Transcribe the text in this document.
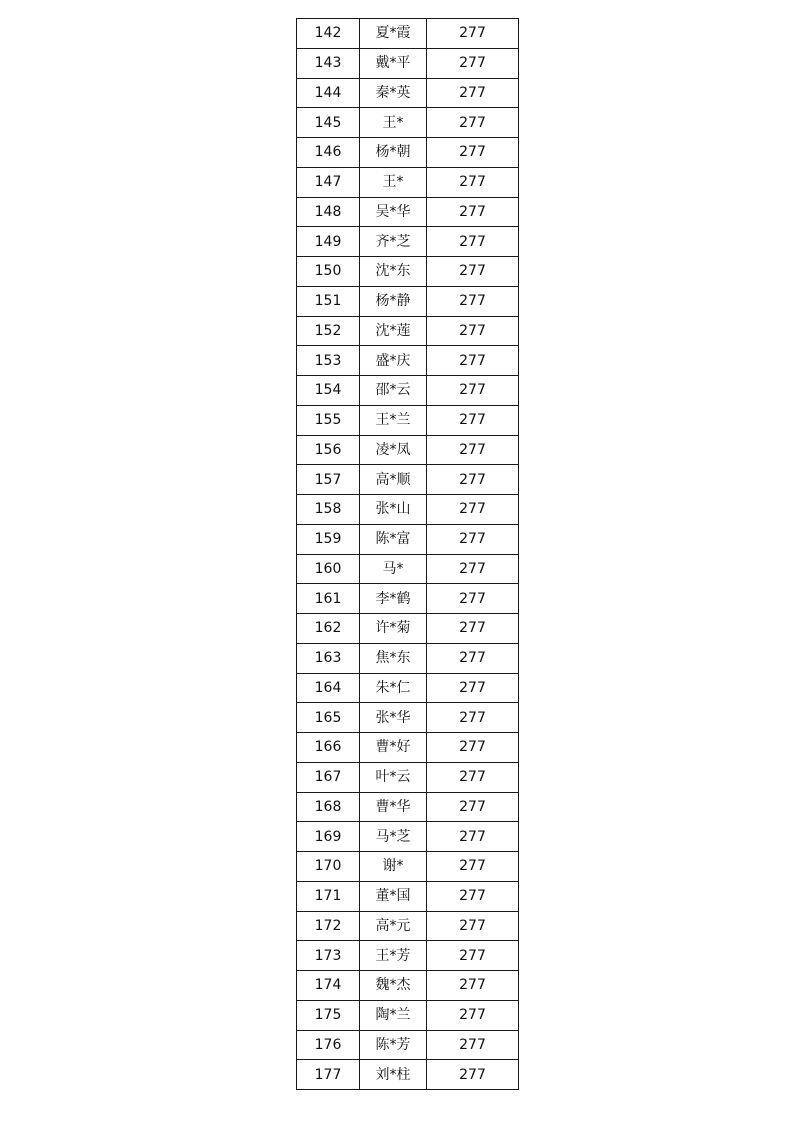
142	夏*霞	277
143	戴*平	277
144	秦*英	277
145	王*	277
146	杨*朝	277
147	王*	277
148	吴*华	277
149	齐*芝	277
150	沈*东	277
151	杨*静	277
152	沈*莲	277
153	盛*庆	277
154	邵*云	277
155	王*兰	277
156	凌*凤	277
157	高*顺	277
158	张*山	277
159	陈*富	277
160	马*	277
161	李*鹤	277
162	许*菊	277
163	焦*东	277
164	朱*仁	277
165	张*华	277
166	曹*好	277
167	叶*云	277
168	曹*华	277
169	马*芝	277
170	谢*	277
171	董*国	277
172	高*元	277
173	王*芳	277
174	魏*杰	277
175	陶*兰	277
176	陈*芳	277
177	刘*柱	277
